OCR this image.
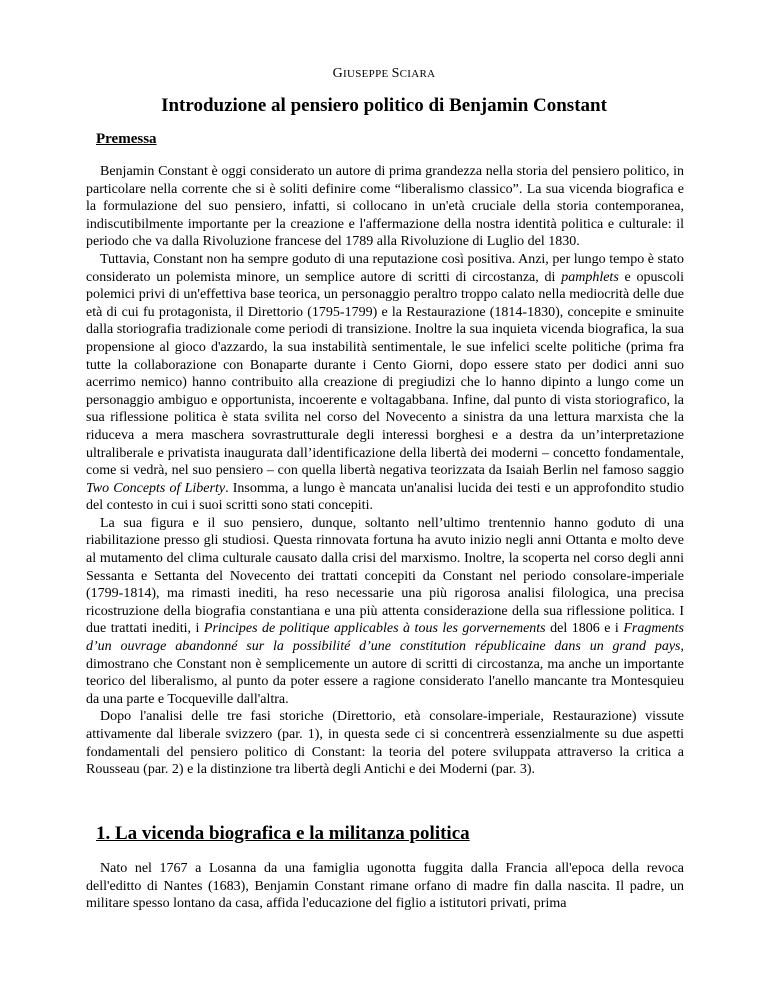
GIUSEPPE SCIARA
Introduzione al pensiero politico di Benjamin Constant
Premessa

Benjamin Constant è oggi considerato un autore di prima grandezza nella storia del pensiero politico, in particolare nella corrente che si è soliti definire come “liberalismo classico”. La sua vicenda biografica e la formulazione del suo pensiero, infatti, si collocano in un'età cruciale della storia contemporanea, indiscutibilmente importante per la creazione e l'affermazione della nostra identità politica e culturale: il periodo che va dalla Rivoluzione francese del 1789 alla Rivoluzione di Luglio del 1830.

Tuttavia, Constant non ha sempre goduto di una reputazione così positiva. Anzi, per lungo tempo è stato considerato un polemista minore, un semplice autore di scritti di circostanza, di pamphlets e opuscoli polemici privi di un'effettiva base teorica, un personaggio peraltro troppo calato nella mediocrità delle due età di cui fu protagonista, il Direttorio (1795-1799) e la Restaurazione (1814-1830), concepite e sminuite dalla storiografia tradizionale come periodi di transizione. Inoltre la sua inquieta vicenda biografica, la sua propensione al gioco d'azzardo, la sua instabilità sentimentale, le sue infelici scelte politiche (prima fra tutte la collaborazione con Bonaparte durante i Cento Giorni, dopo essere stato per dodici anni suo acerrimo nemico) hanno contribuito alla creazione di pregiudizi che lo hanno dipinto a lungo come un personaggio ambiguo e opportunista, incoerente e voltagabbana. Infine, dal punto di vista storiografico, la sua riflessione politica è stata svilita nel corso del Novecento a sinistra da una lettura marxista che la riduceva a mera maschera sovrastrutturale degli interessi borghesi e a destra da un’interpretazione ultraliberale e privatista inaugurata dall’identificazione della libertà dei moderni – concetto fondamentale, come si vedrà, nel suo pensiero – con quella libertà negativa teorizzata da Isaiah Berlin nel famoso saggio Two Concepts of Liberty. Insomma, a lungo è mancata un'analisi lucida dei testi e un approfondito studio del contesto in cui i suoi scritti sono stati concepiti.

La sua figura e il suo pensiero, dunque, soltanto nell’ultimo trentennio hanno goduto di una riabilitazione presso gli studiosi. Questa rinnovata fortuna ha avuto inizio negli anni Ottanta e molto deve al mutamento del clima culturale causato dalla crisi del marxismo. Inoltre, la scoperta nel corso degli anni Sessanta e Settanta del Novecento dei trattati concepiti da Constant nel periodo consolare-imperiale (1799-1814), ma rimasti inediti, ha reso necessarie una più rigorosa analisi filologica, una precisa ricostruzione della biografia constantiana e una più attenta considerazione della sua riflessione politica. I due trattati inediti, i Principes de politique applicables à tous les gorvernements del 1806 e i Fragments d’un ouvrage abandonné sur la possibilité d’une constitution républicaine dans un grand pays, dimostrano che Constant non è semplicemente un autore di scritti di circostanza, ma anche un importante teorico del liberalismo, al punto da poter essere a ragione considerato l'anello mancante tra Montesquieu da una parte e Tocqueville dall'altra.

Dopo l'analisi delle tre fasi storiche (Direttorio, età consolare-imperiale, Restaurazione) vissute attivamente dal liberale svizzero (par. 1), in questa sede ci si concentrerà essenzialmente su due aspetti fondamentali del pensiero politico di Constant: la teoria del potere sviluppata attraverso la critica a Rousseau (par. 2) e la distinzione tra libertà degli Antichi e dei Moderni (par. 3).

1. La vicenda biografica e la militanza politica

Nato nel 1767 a Losanna da una famiglia ugonotta fuggita dalla Francia all'epoca della revoca dell'editto di Nantes (1683), Benjamin Constant rimane orfano di madre fin dalla nascita. Il padre, un militare spesso lontano da casa, affida l'educazione del figlio a istitutori privati, prima
